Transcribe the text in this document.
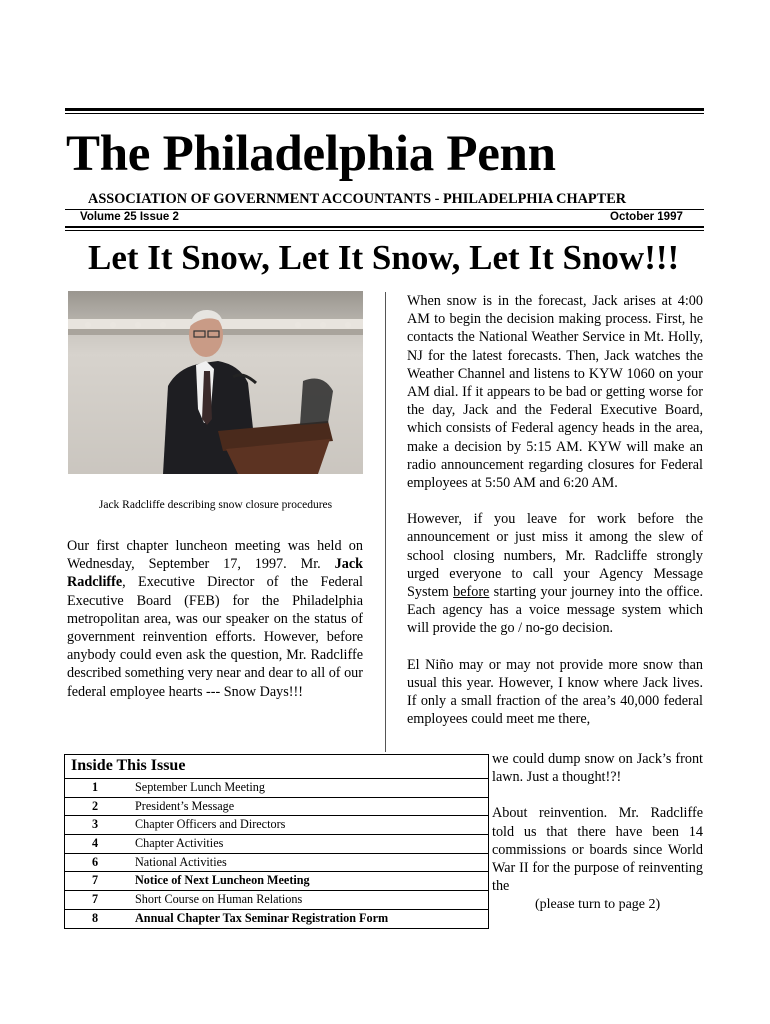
The Philadelphia Penn
ASSOCIATION OF GOVERNMENT ACCOUNTANTS - PHILADELPHIA CHAPTER
Volume 25 Issue 2	October 1997
Let It Snow, Let It Snow, Let It Snow!!!
Jack Radcliffe describing snow closure procedures

Our first chapter luncheon meeting was held on Wednesday, September 17, 1997. Mr. Jack Radcliffe, Executive Director of the Federal Executive Board (FEB) for the Philadelphia metropolitan area, was our speaker on the status of government reinvention efforts. However, before anybody could even ask the question, Mr. Radcliffe described something very near and dear to all of our federal employee hearts --- Snow Days!!!

When snow is in the forecast, Jack arises at 4:00 AM to begin the decision making process. First, he contacts the National Weather Service in Mt. Holly, NJ for the latest forecasts. Then, Jack watches the Weather Channel and listens to KYW 1060 on your AM dial. If it appears to be bad or getting worse for the day, Jack and the Federal Executive Board, which consists of Federal agency heads in the area, make a decision by 5:15 AM. KYW will make an radio announcement regarding closures for Federal employees at 5:50 AM and 6:20 AM.

However, if you leave for work before the announcement or just miss it among the slew of school closing numbers, Mr. Radcliffe strongly urged everyone to call your Agency Message System before starting your journey into the office. Each agency has a voice message system which will provide the go / no-go decision.

El Niño may or may not provide more snow than usual this year. However, I know where Jack lives. If only a small fraction of the area’s 40,000 federal employees could meet me there,

we could dump snow on Jack’s front lawn. Just a thought!?!

About reinvention. Mr. Radcliffe told us that there have been 14 commissions or boards since World War II for the purpose of reinventing the

(please turn to page 2)
Inside This Issue
1	September Lunch Meeting
2	President’s Message
3	Chapter Officers and Directors
4	Chapter Activities
6	National Activities
7	Notice of Next Luncheon Meeting
7	Short Course on Human Relations
8	Annual Chapter Tax Seminar Registration Form
